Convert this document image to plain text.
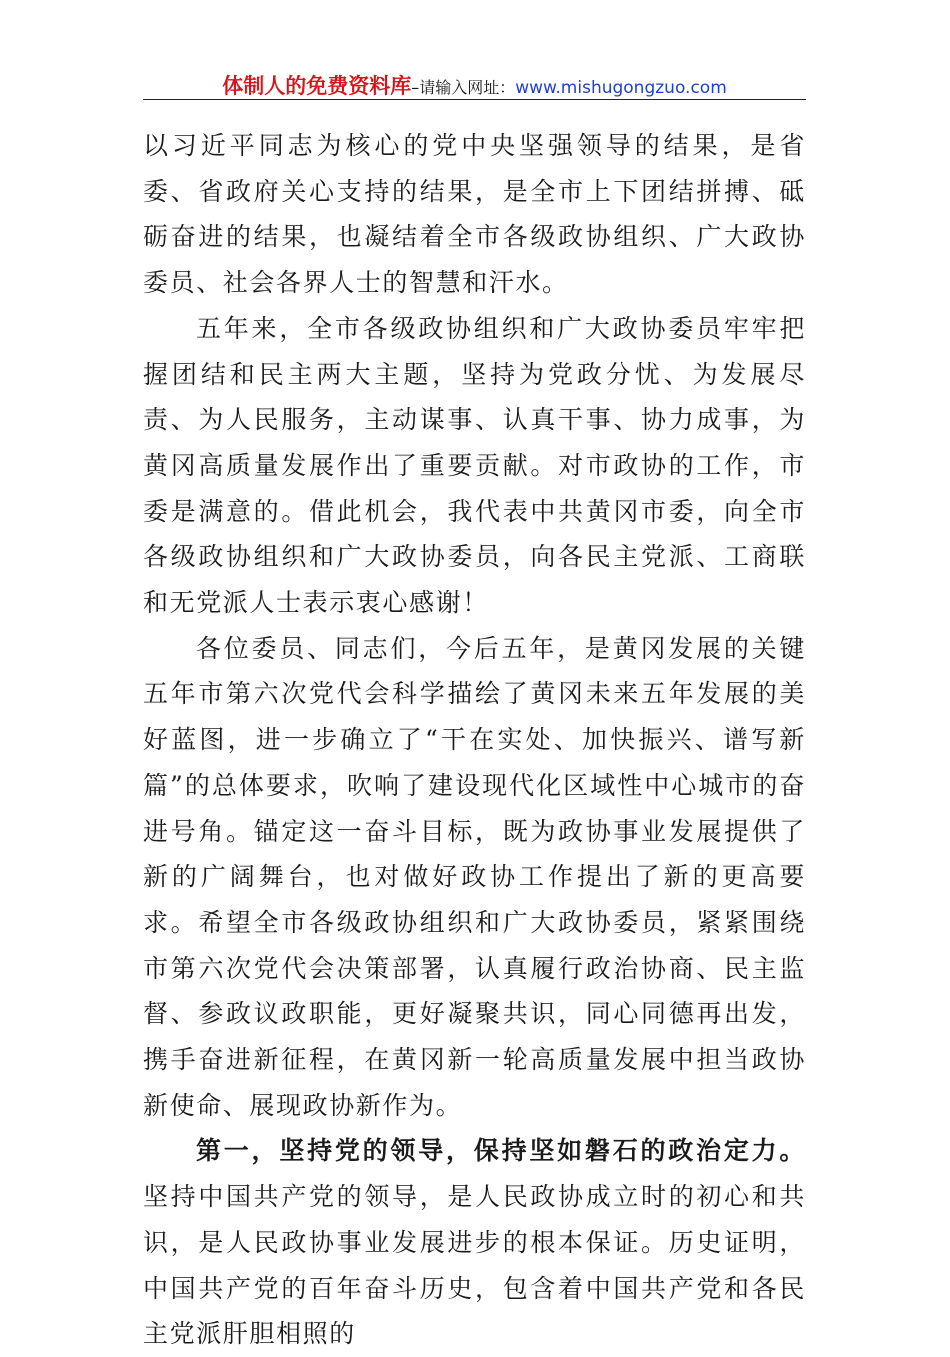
体制人的免费资料库–请输入网址：www.mishugongzuo.com

以习近平同志为核心的党中央坚强领导的结果，是省委、省政府关心支持的结果，是全市上下团结拼搏、砥砺奋进的结果，也凝结着全市各级政协组织、广大政协委员、社会各界人士的智慧和汗水。

五年来，全市各级政协组织和广大政协委员牢牢把握团结和民主两大主题，坚持为党政分忧、为发展尽责、为人民服务，主动谋事、认真干事、协力成事，为黄冈高质量发展作出了重要贡献。对市政协的工作，市委是满意的。借此机会，我代表中共黄冈市委，向全市各级政协组织和广大政协委员，向各民主党派、工商联和无党派人士表示衷心感谢！

各位委员、同志们，今后五年，是黄冈发展的关键五年市第六次党代会科学描绘了黄冈未来五年发展的美好蓝图，进一步确立了“干在实处、加快振兴、谱写新篇”的总体要求，吹响了建设现代化区域性中心城市的奋进号角。锚定这一奋斗目标，既为政协事业发展提供了新的广阔舞台，也对做好政协工作提出了新的更高要求。希望全市各级政协组织和广大政协委员，紧紧围绕市第六次党代会决策部署，认真履行政治协商、民主监督、参政议政职能，更好凝聚共识，同心同德再出发，携手奋进新征程，在黄冈新一轮高质量发展中担当政协新使命、展现政协新作为。

第一，坚持党的领导，保持坚如磐石的政治定力。坚持中国共产党的领导，是人民政协成立时的初心和共识，是人民政协事业发展进步的根本保证。历史证明，中国共产党的百年奋斗历史，包含着中国共产党和各民主党派肝胆相照的
